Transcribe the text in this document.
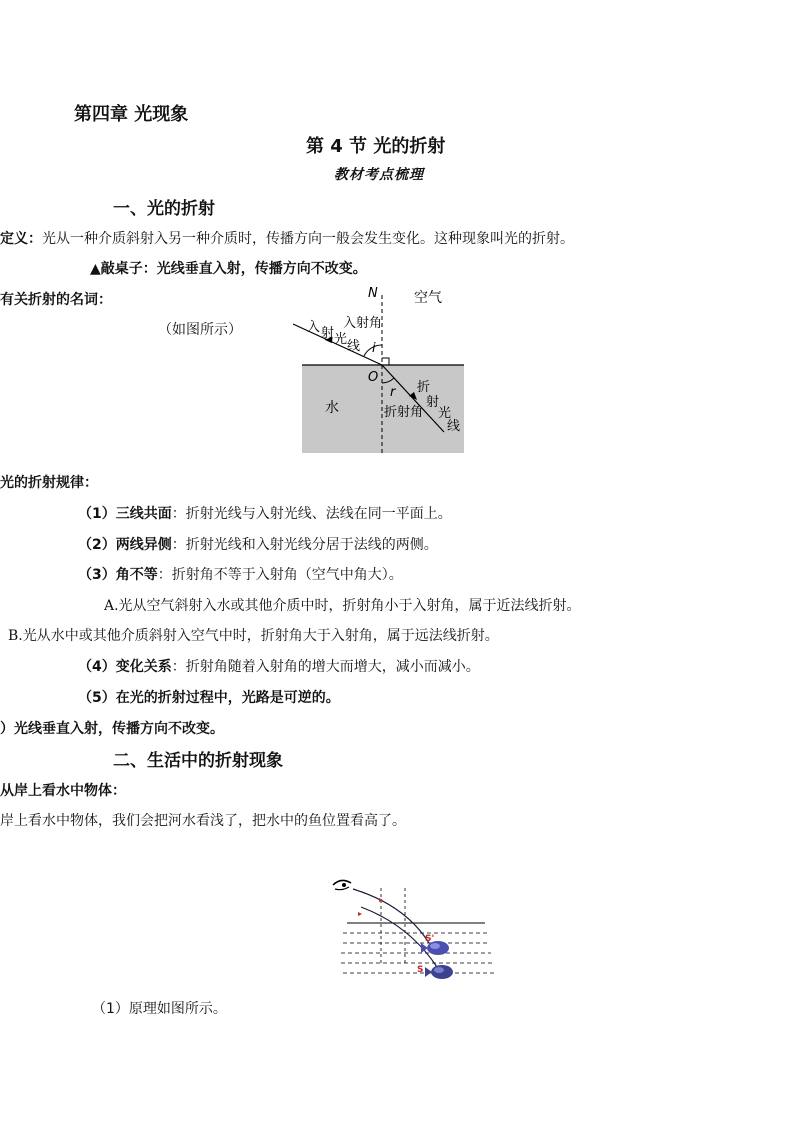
第四章 光现象
第 4 节 光的折射
教材考点梳理
一、光的折射
定义：光从一种介质斜射入另一种介质时，传播方向一般会发生变化。这种现象叫光的折射。
▲敲桌子：光线垂直入射，传播方向不改变。
有关折射的名词：
（如图所示）
N	空气
入射角
入 射 光 线 i
O
r
水	折射角
折
射
光
线
光的折射规律：
（1）三线共面：折射光线与入射光线、法线在同一平面上。
（2）两线异侧：折射光线和入射光线分居于法线的两侧。
（3）角不等：折射角不等于入射角（空气中角大）。
A.光从空气斜射入水或其他介质中时，折射角小于入射角，属于近法线折射。
B.光从水中或其他介质斜射入空气中时，折射角大于入射角，属于远法线折射。
（4）变化关系：折射角随着入射角的增大而增大，减小而减小。
（5）在光的折射过程中，光路是可逆的。
）光线垂直入射，传播方向不改变。
二、生活中的折射现象
从岸上看水中物体：
岸上看水中物体，我们会把河水看浅了，把水中的鱼位置看高了。
S'
S
（1）原理如图所示。
